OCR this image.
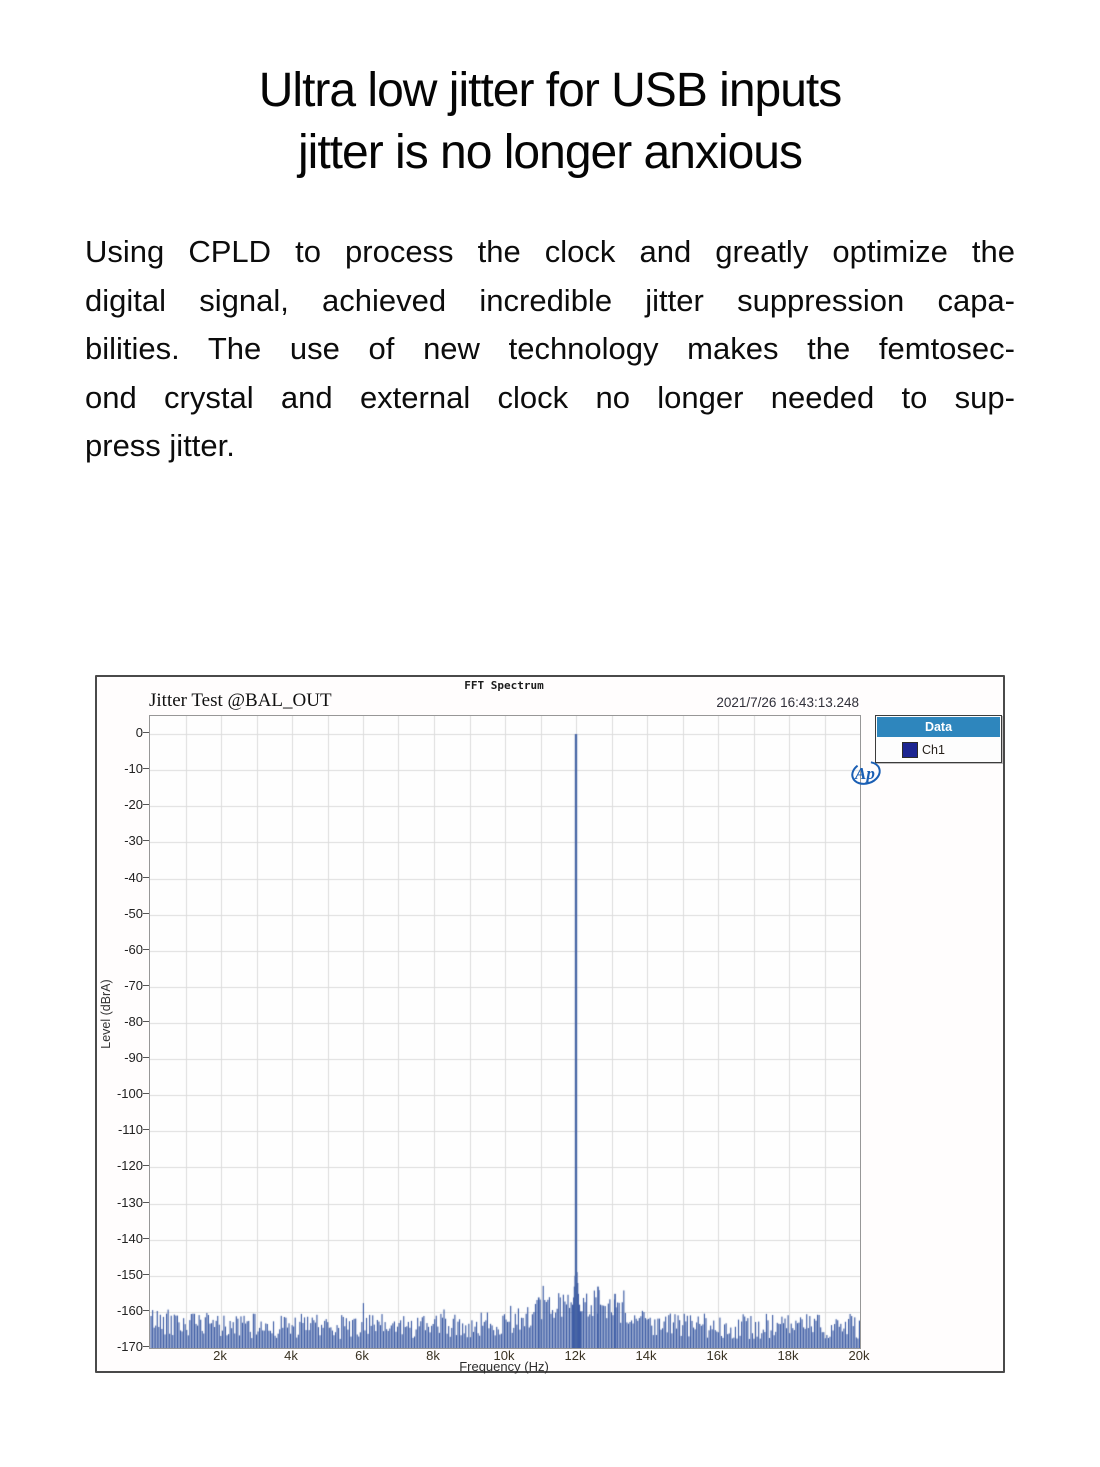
Ultra low jitter for USB inputs
jitter is no longer anxious
Using CPLD to process the clock and greatly optimize the
digital signal, achieved incredible jitter suppression capa-
bilities. The use of new technology makes the femtosec-
ond crystal and external clock no longer needed to sup-
press jitter.
FFT Spectrum
Jitter Test @BAL_OUT	2021/7/26 16:43:13.248
Level (dBrA)
Ap
0
-10
-20
-30
-40
-50
-60
-70
-80
-90
-100
-110
-120
-130
-140
-150
-160
-170
2k	4k	6k	8k	10k	12k	14k	16k	18k	20k
Frequency (Hz)
Data
Ch1
